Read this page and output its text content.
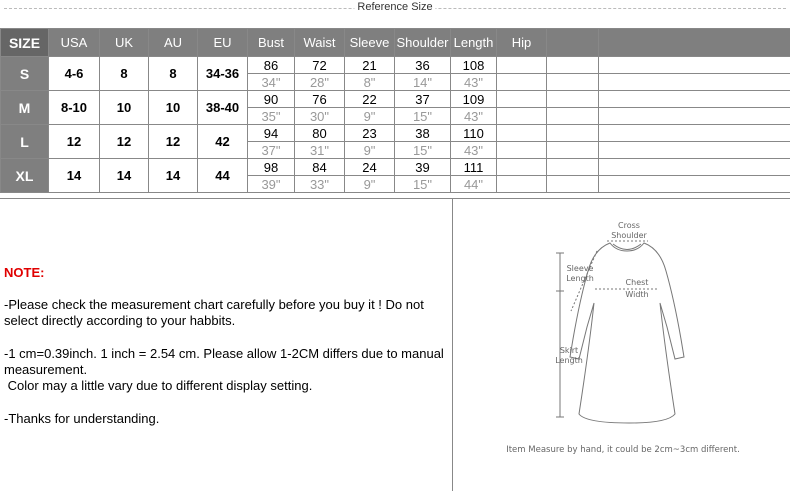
Reference Size
SIZE	USA	UK	AU	EU	Bust	Waist	Sleeve	Shoulder	Length	Hip		
S	4-6	8	8	34-36	86	72	21	36	108			
					34"	28"	8"	14"	43"			
M	8-10	10	10	38-40	90	76	22	37	109			
					35"	30"	9"	15"	43"			
L	12	12	12	42	94	80	23	38	110			
					37"	31"	9"	15"	43"			
XL	14	14	14	44	98	84	24	39	111			
					39"	33"	9"	15"	44"			
NOTE:

-Please check the measurement chart carefully before you buy it ! Do not select directly according to your habbits.

-1 cm=0.39inch. 1 inch = 2.54 cm. Please allow 1-2CM differs due to manual measurement.

Color may a little vary due to different display setting.

-Thanks for understanding.

Cross
Shoulder
Sleeve
Length	Chest
Width
Skirt
Length
Item Measure by hand, it could be 2cm~3cm different.
